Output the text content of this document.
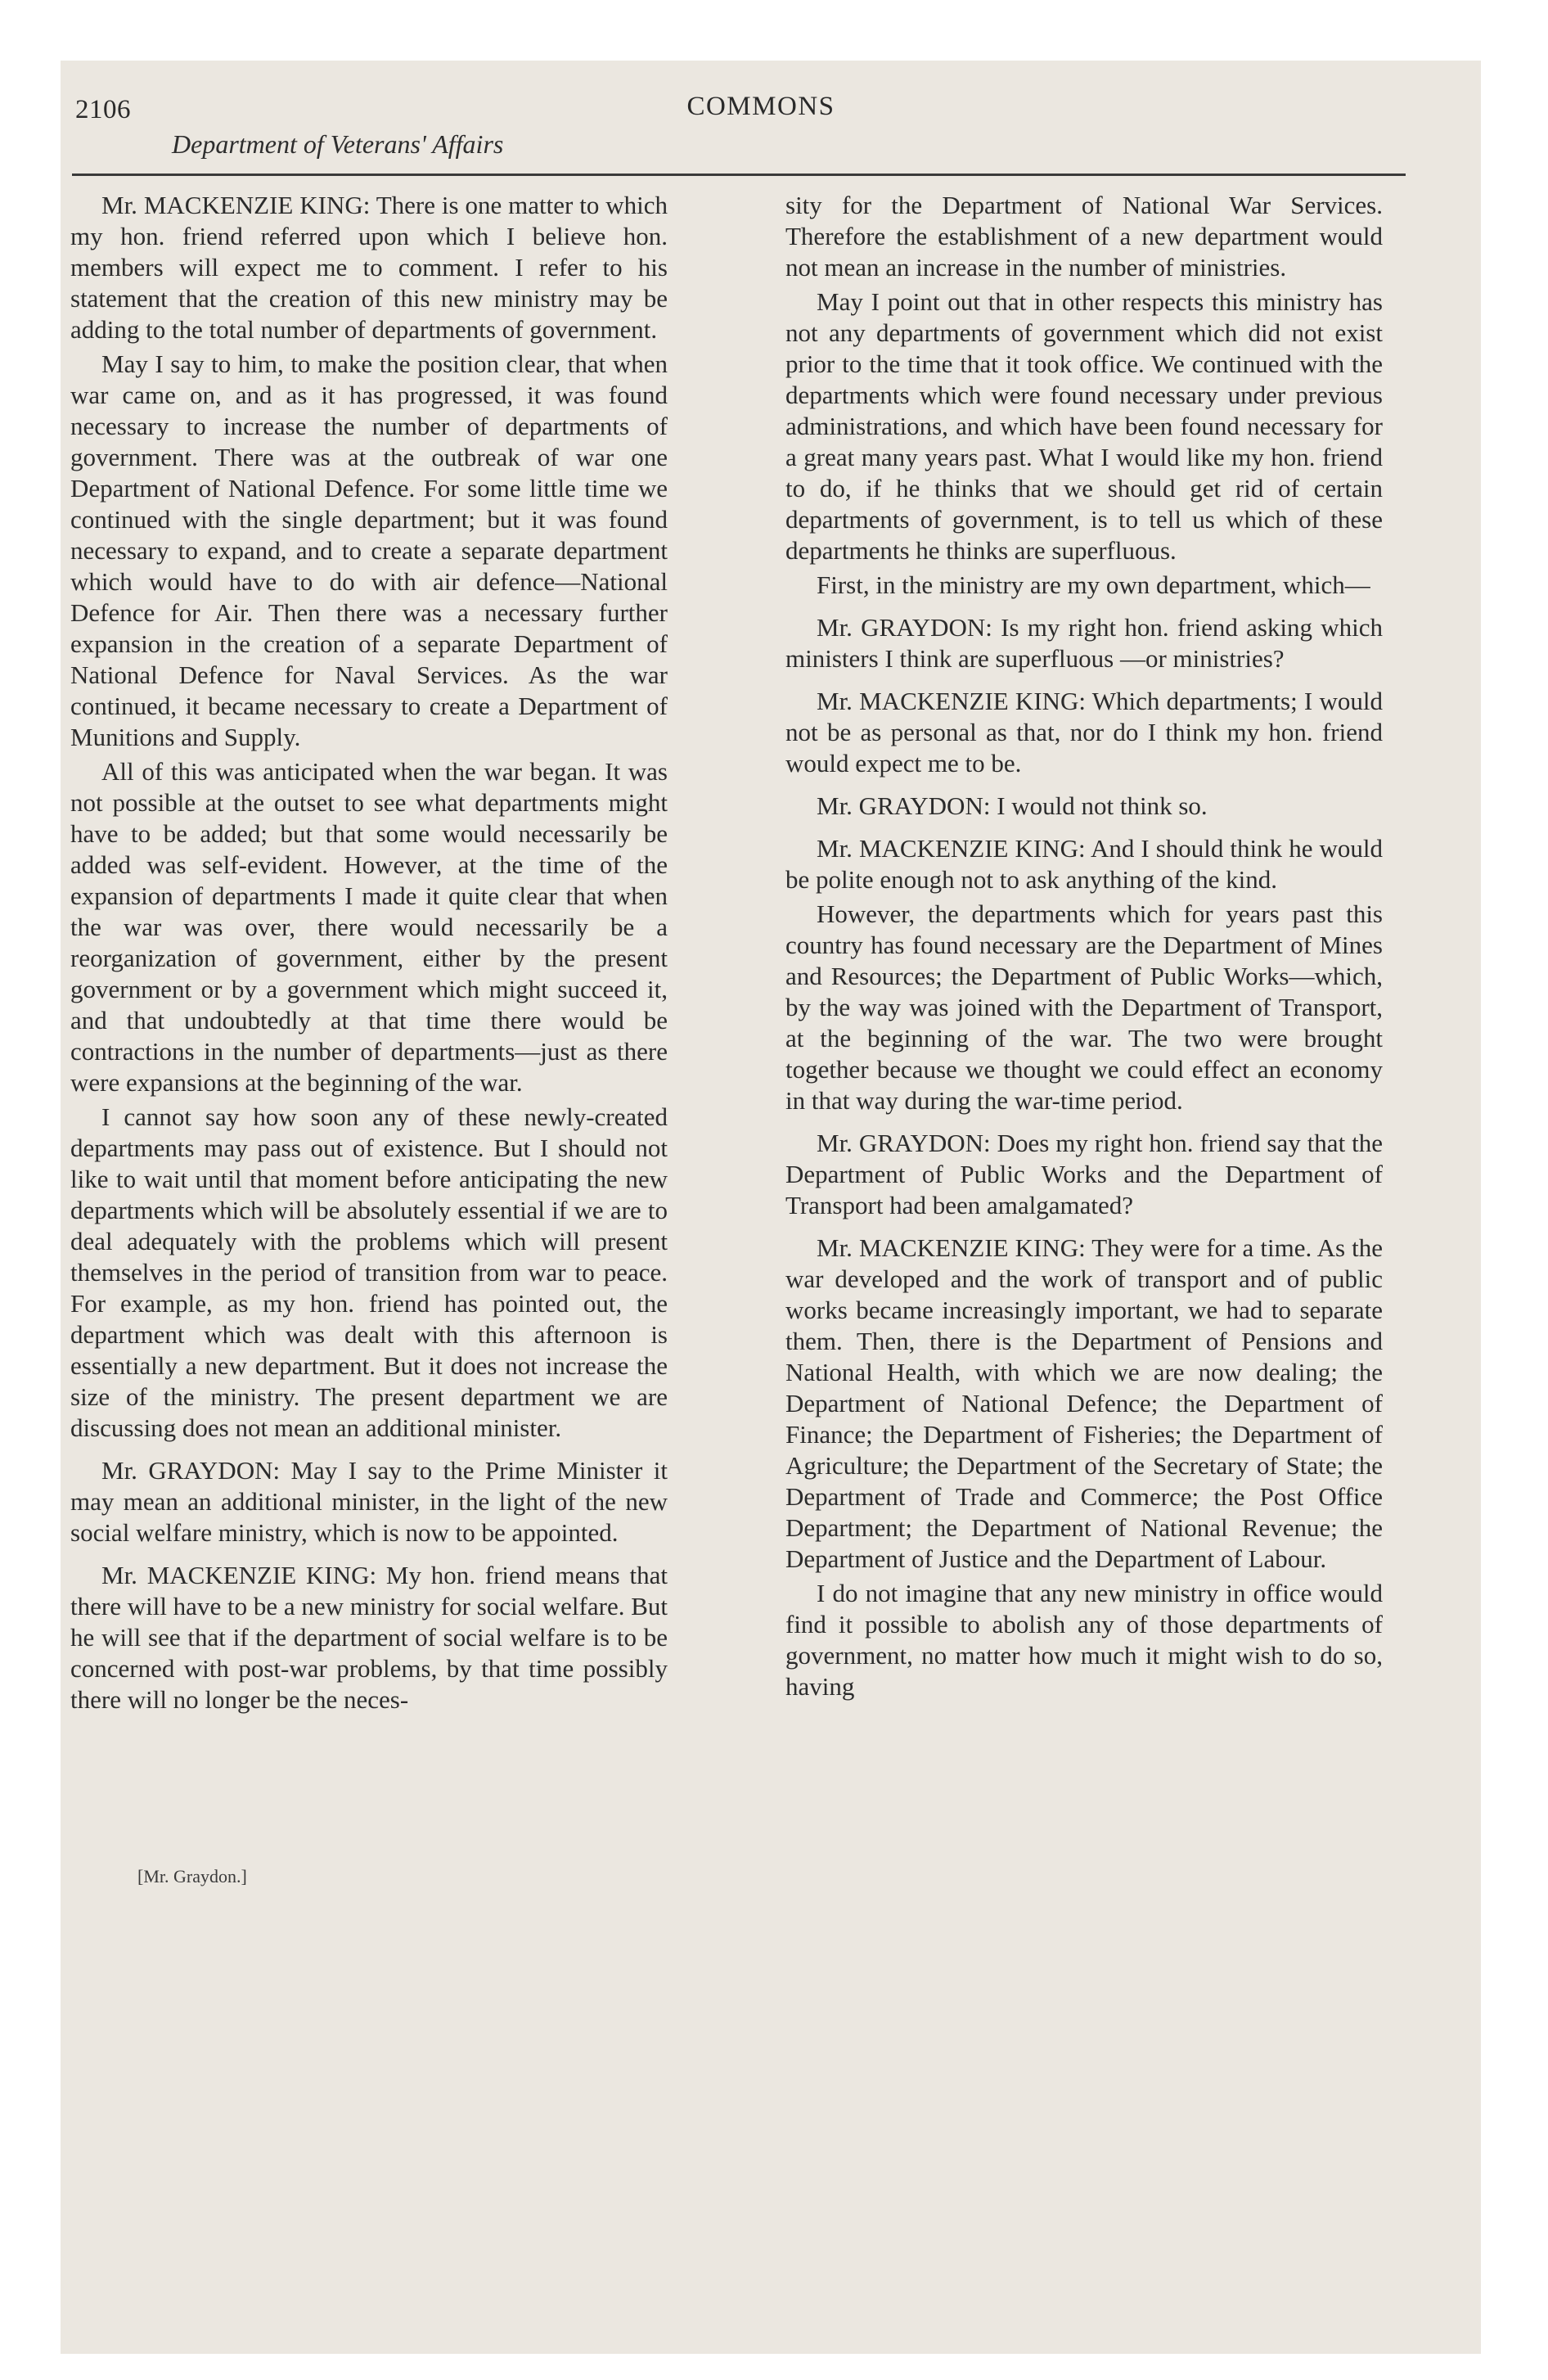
2106	COMMONS
Department of Veterans' Affairs

Mr. MACKENZIE KING: There is one matter to which my hon. friend referred upon which I believe hon. members will expect me to comment. I refer to his statement that the creation of this new ministry may be adding to the total number of departments of government.

May I say to him, to make the position clear, that when war came on, and as it has progressed, it was found necessary to increase the number of departments of government. There was at the outbreak of war one Department of National Defence. For some little time we continued with the single department; but it was found necessary to expand, and to create a separate department which would have to do with air defence—National Defence for Air. Then there was a necessary further expansion in the creation of a separate Department of National Defence for Naval Services. As the war continued, it became necessary to create a Department of Munitions and Supply.

All of this was anticipated when the war began. It was not possible at the outset to see what departments might have to be added; but that some would necessarily be added was self-evident. However, at the time of the expansion of departments I made it quite clear that when the war was over, there would necessarily be a reorganization of government, either by the present government or by a government which might succeed it, and that undoubtedly at that time there would be contractions in the number of departments—just as there were expansions at the beginning of the war.

I cannot say how soon any of these newly-created departments may pass out of existence. But I should not like to wait until that moment before anticipating the new departments which will be absolutely essential if we are to deal adequately with the problems which will present themselves in the period of transition from war to peace. For example, as my hon. friend has pointed out, the department which was dealt with this afternoon is essentially a new department. But it does not increase the size of the ministry. The present department we are discussing does not mean an additional minister.

Mr. GRAYDON: May I say to the Prime Minister it may mean an additional minister, in the light of the new social welfare ministry, which is now to be appointed.

Mr. MACKENZIE KING: My hon. friend means that there will have to be a new ministry for social welfare. But he will see that if the department of social welfare is to be concerned with post-war problems, by that time possibly there will no longer be the neces-

[Mr. Graydon.]

sity for the Department of National War Services. Therefore the establishment of a new department would not mean an increase in the number of ministries.

May I point out that in other respects this ministry has not any departments of government which did not exist prior to the time that it took office. We continued with the departments which were found necessary under previous administrations, and which have been found necessary for a great many years past. What I would like my hon. friend to do, if he thinks that we should get rid of certain departments of government, is to tell us which of these departments he thinks are superfluous.

First, in the ministry are my own department, which—

Mr. GRAYDON: Is my right hon. friend asking which ministers I think are superfluous —or ministries?

Mr. MACKENZIE KING: Which departments; I would not be as personal as that, nor do I think my hon. friend would expect me to be.

Mr. GRAYDON: I would not think so.

Mr. MACKENZIE KING: And I should think he would be polite enough not to ask anything of the kind.

However, the departments which for years past this country has found necessary are the Department of Mines and Resources; the Department of Public Works—which, by the way was joined with the Department of Transport, at the beginning of the war. The two were brought together because we thought we could effect an economy in that way during the war-time period.

Mr. GRAYDON: Does my right hon. friend say that the Department of Public Works and the Department of Transport had been amalgamated?

Mr. MACKENZIE KING: They were for a time. As the war developed and the work of transport and of public works became increasingly important, we had to separate them. Then, there is the Department of Pensions and National Health, with which we are now dealing; the Department of National Defence; the Department of Finance; the Department of Fisheries; the Department of Agriculture; the Department of the Secretary of State; the Department of Trade and Commerce; the Post Office Department; the Department of National Revenue; the Department of Justice and the Department of Labour.

I do not imagine that any new ministry in office would find it possible to abolish any of those departments of government, no matter how much it might wish to do so, having
